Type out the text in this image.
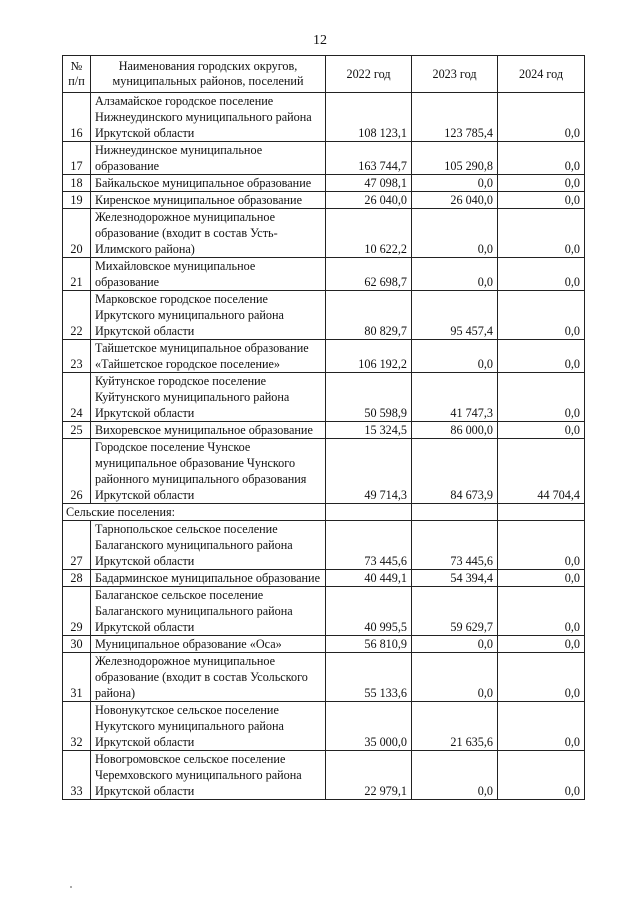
12
№ п/п	Наименования городских округов, муниципальных районов, поселений	2022 год	2023 год	2024 год
16	Алзамайское городское поселение Нижнеудинского муниципального района Иркутской области	108 123,1	123 785,4	0,0
17	Нижнеудинское муниципальное образование	163 744,7	105 290,8	0,0
18	Байкальское муниципальное образование	47 098,1	0,0	0,0
19	Киренское муниципальное образование	26 040,0	26 040,0	0,0
20	Железнодорожное муниципальное образование (входит в состав Усть-Илимского района)	10 622,2	0,0	0,0
21	Михайловское муниципальное образование	62 698,7	0,0	0,0
22	Марковское городское поселение Иркутского муниципального района Иркутской области	80 829,7	95 457,4	0,0
23	Тайшетское муниципальное образование «Тайшетское городское поселение»	106 192,2	0,0	0,0
24	Куйтунское городское поселение Куйтунского муниципального района Иркутской области	50 598,9	41 747,3	0,0
25	Вихоревское муниципальное образование	15 324,5	86 000,0	0,0
26	Городское поселение Чунское муниципальное образование Чунского районного муниципального образования Иркутской области	49 714,3	84 673,9	44 704,4
Сельские поселения:				
27	Тарнопольское сельское поселение Балаганского муниципального района Иркутской области	73 445,6	73 445,6	0,0
28	Бадарминское муниципальное образование	40 449,1	54 394,4	0,0
29	Балаганское сельское поселение Балаганского муниципального района Иркутской области	40 995,5	59 629,7	0,0
30	Муниципальное образование «Оса»	56 810,9	0,0	0,0
31	Железнодорожное муниципальное образование (входит в состав Усольского района)	55 133,6	0,0	0,0
32	Новонукутское сельское поселение Нукутского муниципального района Иркутской области	35 000,0	21 635,6	0,0
33	Новогромовское сельское поселение Черемховского муниципального района Иркутской области	22 979,1	0,0	0,0
